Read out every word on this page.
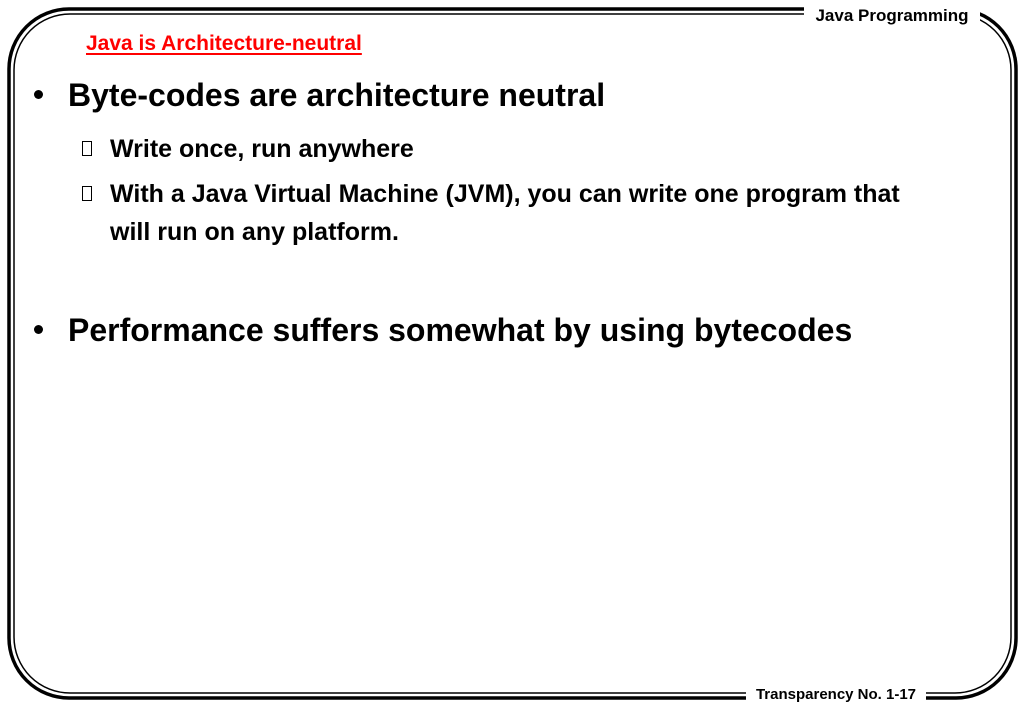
Java Programming
Java is Architecture-neutral
Byte-codes are architecture neutral
Write once, run anywhere
With a Java Virtual Machine (JVM), you can write one program that will run on any platform.
Performance suffers somewhat by using bytecodes
Transparency No. 1-17
